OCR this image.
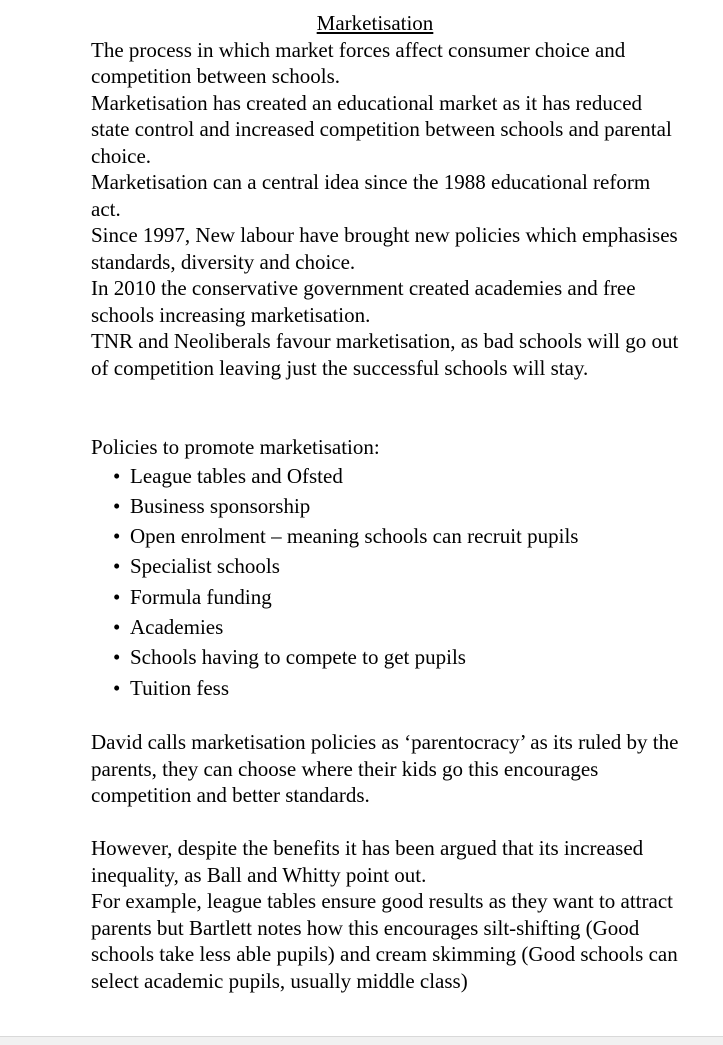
Marketisation

The process in which market forces affect consumer choice and competition between schools.

Marketisation has created an educational market as it has reduced state control and increased competition between schools and parental choice.

Marketisation can a central idea since the 1988 educational reform act.

Since 1997, New labour have brought new policies which emphasises standards, diversity and choice.

In 2010 the conservative government created academies and free schools increasing marketisation.

TNR and Neoliberals favour marketisation, as bad schools will go out of competition leaving just the successful schools will stay.

Policies to promote marketisation:

• League tables and Ofsted
• Business sponsorship
• Open enrolment – meaning schools can recruit pupils
• Specialist schools
• Formula funding
• Academies
• Schools having to compete to get pupils
• Tuition fess

David calls marketisation policies as ‘parentocracy’ as its ruled by the parents, they can choose where their kids go this encourages competition and better standards.

However, despite the benefits it has been argued that its increased inequality, as Ball and Whitty point out.

For example, league tables ensure good results as they want to attract parents but Bartlett notes how this encourages silt-shifting (Good schools take less able pupils) and cream skimming (Good schools can select academic pupils, usually middle class)
